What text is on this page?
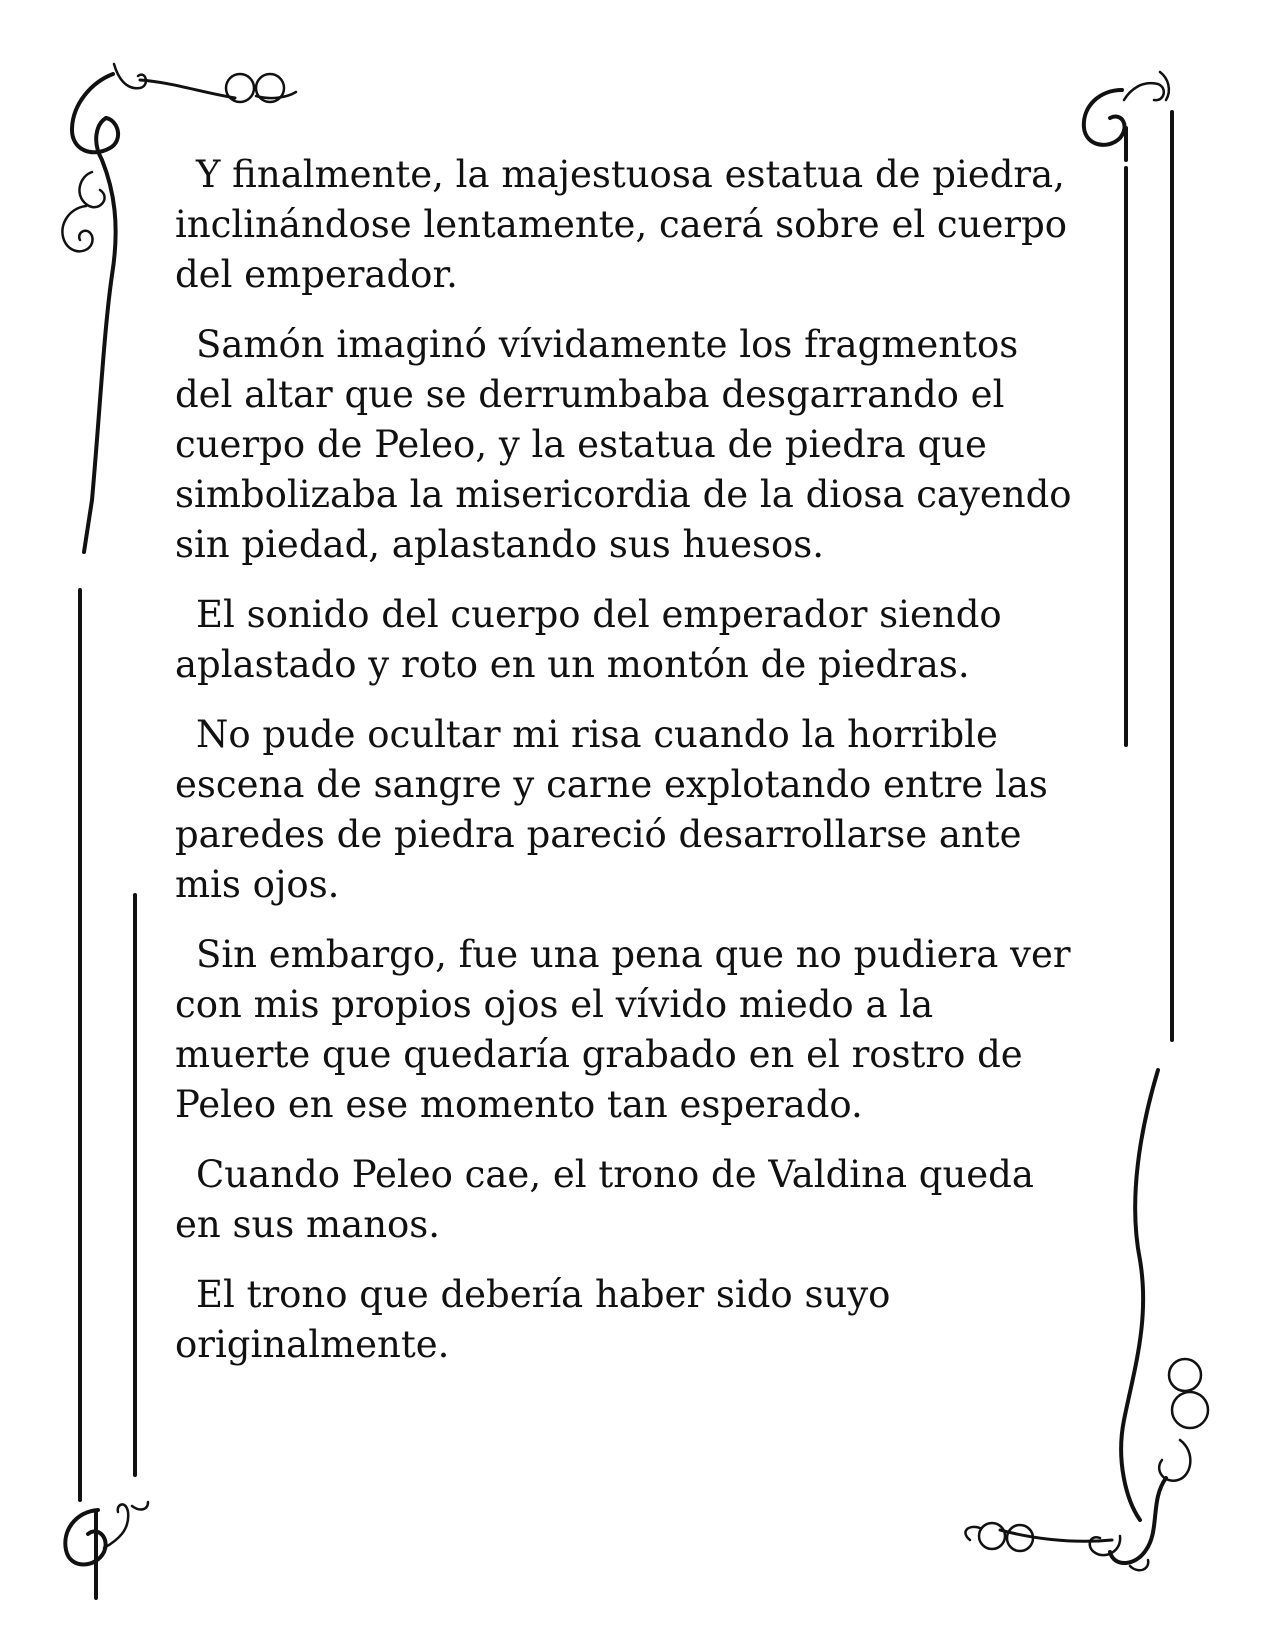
Y finalmente, la majestuosa estatua de piedra, inclinándose lentamente, caerá sobre el cuerpo del emperador.

Samón imaginó vívidamente los fragmentos del altar que se derrumbaba desgarrando el cuerpo de Peleo, y la estatua de piedra que simbolizaba la misericordia de la diosa cayendo sin piedad, aplastando sus huesos.

El sonido del cuerpo del emperador siendo aplastado y roto en un montón de piedras.

No pude ocultar mi risa cuando la horrible escena de sangre y carne explotando entre las paredes de piedra pareció desarrollarse ante mis ojos.

Sin embargo, fue una pena que no pudiera ver con mis propios ojos el vívido miedo a la muerte que quedaría grabado en el rostro de Peleo en ese momento tan esperado.

Cuando Peleo cae, el trono de Valdina queda en sus manos.

El trono que debería haber sido suyo originalmente.
